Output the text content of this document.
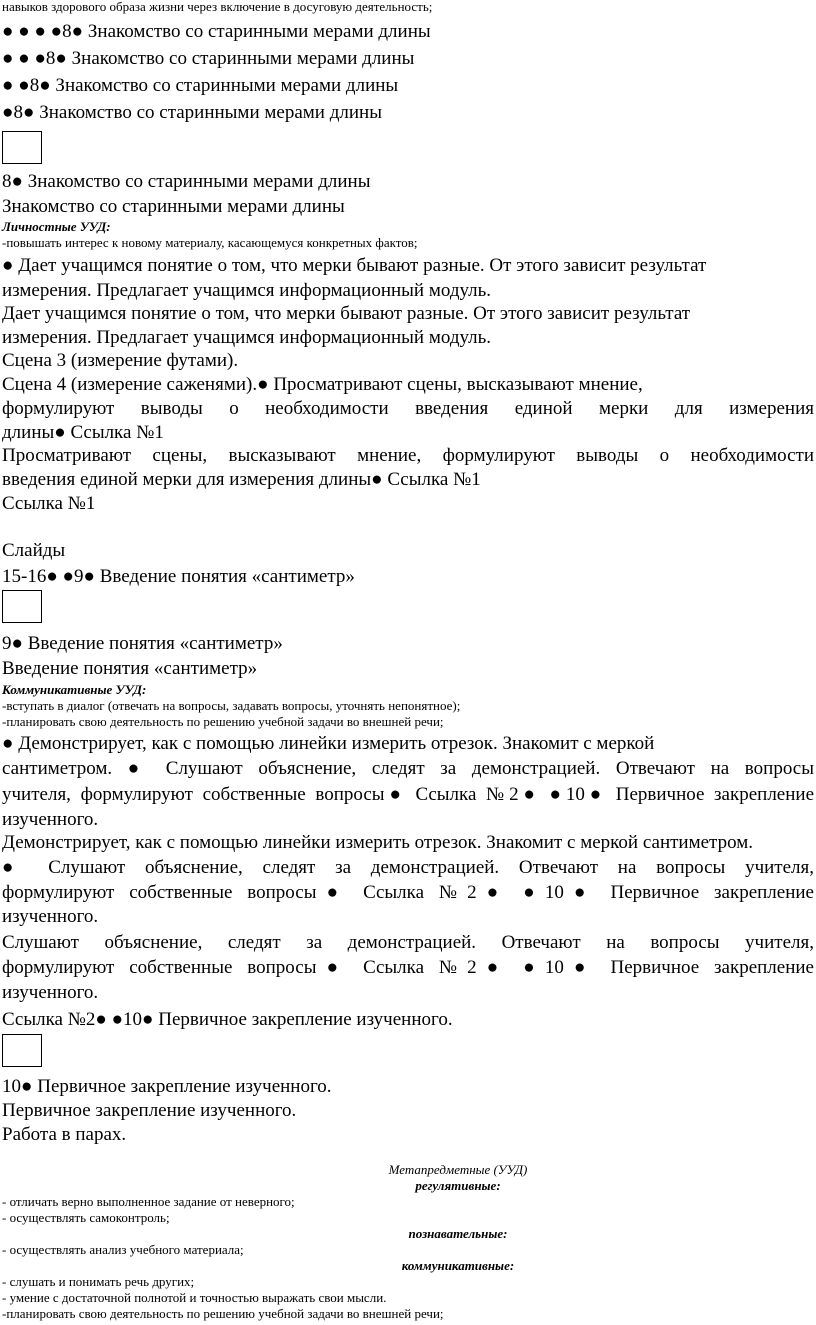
навыков здорового образа жизни через включение в досуговую деятельность;
● ● ● ●8● Знакомство со старинными мерами длины
● ● ●8● Знакомство со старинными мерами длины
● ●8● Знакомство со старинными мерами длины
●8● Знакомство со старинными мерами длины
8● Знакомство со старинными мерами длины
Знакомство со старинными мерами длины
Личностные УУД:
-повышать интерес к новому материалу, касающемуся конкретных фактов;
● Дает учащимся понятие о том, что мерки бывают разные. От этого зависит результат
измерения. Предлагает учащимся информационный модуль.
Дает учащимся понятие о том, что мерки бывают разные. От этого зависит результат
измерения. Предлагает учащимся информационный модуль.
Сцена 3 (измерение футами).
Сцена 4 (измерение саженями).● Просматривают сцены, высказывают мнение,
формулируют выводы о необходимости введения единой мерки для измерения
длины● Ссылка №1
Просматривают сцены, высказывают мнение, формулируют выводы о необходимости
введения единой мерки для измерения длины● Ссылка №1
Ссылка №1
Слайды
15-16● ●9● Введение понятия «сантиметр»
9● Введение понятия «сантиметр»
Введение понятия «сантиметр»
Коммуникативные УУД:
-вступать в диалог (отвечать на вопросы, задавать вопросы, уточнять непонятное);
-планировать свою деятельность по решению учебной задачи во внешней речи;
● Демонстрирует, как с помощью линейки измерить отрезок. Знакомит с меркой
сантиметром. ● Слушают объяснение, следят за демонстрацией. Отвечают на вопросы
учителя, формулируют собственные вопросы● Ссылка №2● ●10● Первичное закрепление
изученного.
Демонстрирует, как с помощью линейки измерить отрезок. Знакомит с меркой сантиметром.
● Слушают объяснение, следят за демонстрацией. Отвечают на вопросы учителя,
формулируют собственные вопросы● Ссылка №2● ●10● Первичное закрепление
изученного.
Слушают объяснение, следят за демонстрацией. Отвечают на вопросы учителя,
формулируют собственные вопросы● Ссылка №2● ●10● Первичное закрепление
изученного.
Ссылка №2● ●10● Первичное закрепление изученного.
10● Первичное закрепление изученного.
Первичное закрепление изученного.
Работа в парах.
Метапредметные (УУД)
регулятивные:
- отличать верно выполненное задание от неверного;
- осуществлять самоконтроль;
познавательные:
- осуществлять анализ учебного материала;
коммуникативные:
- слушать и понимать речь других;
- умение с достаточной полнотой и точностью выражать свои мысли.
-планировать свою деятельность по решению учебной задачи во внешней речи;
